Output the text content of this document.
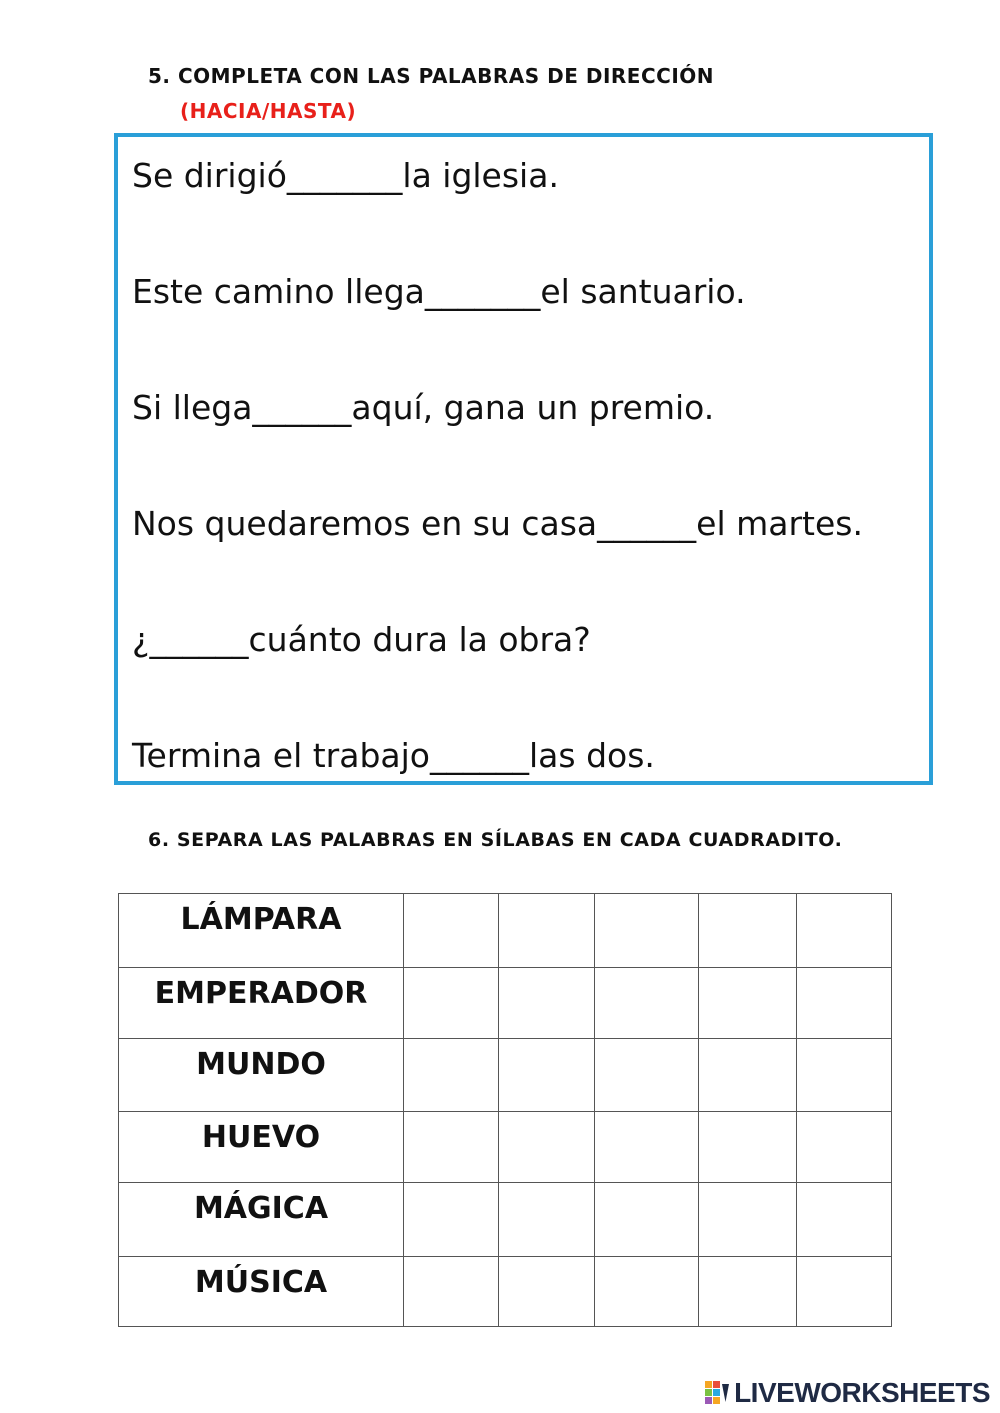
5. COMPLETA CON LAS PALABRAS DE DIRECCIÓN
(HACIA/HASTA)
Se dirigió_______la iglesia.
Este camino llega_______el santuario.
Si llega______aquí, gana un premio.
Nos quedaremos en su casa______el martes.
¿______cuánto dura la obra?
Termina el trabajo______las dos.
6. SEPARA LAS PALABRAS EN SÍLABAS EN CADA CUADRADITO.
LÁMPARA					
EMPERADOR					
MUNDO					
HUEVO					
MÁGICA					
MÚSICA					
LIVEWORKSHEETS
